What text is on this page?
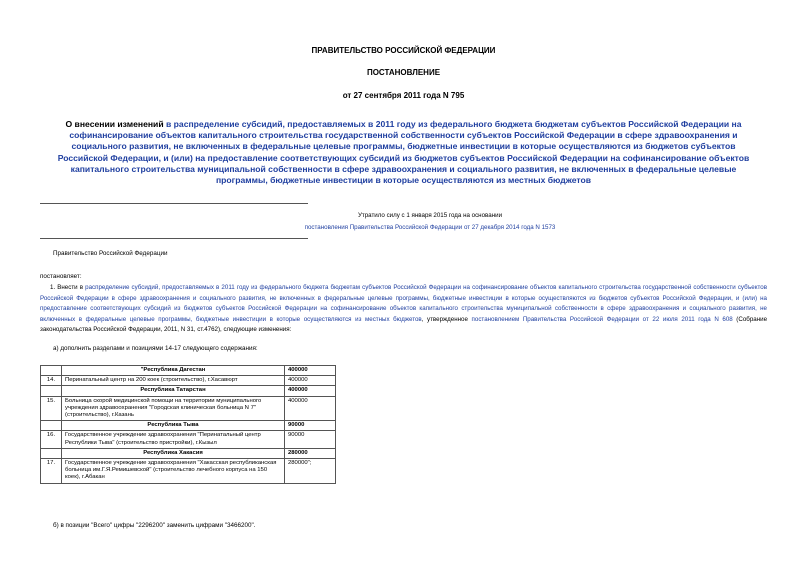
ПРАВИТЕЛЬСТВО РОССИЙСКОЙ ФЕДЕРАЦИИ
ПОСТАНОВЛЕНИЕ
от 27 сентября 2011 года N 795
О внесении изменений в распределение субсидий, предоставляемых в 2011 году из федерального бюджета бюджетам субъектов Российской Федерации на софинансирование объектов капитального строительства государственной собственности субъектов Российской Федерации в сфере здравоохранения и социального развития, не включенных в федеральные целевые программы, бюджетные инвестиции в которые осуществляются из бюджетов субъектов Российской Федерации, и (или) на предоставление соответствующих субсидий из бюджетов субъектов Российской Федерации на софинансирование объектов капитального строительства муниципальной собственности в сфере здравоохранения и социального развития, не включенных в федеральные целевые программы, бюджетные инвестиции в которые осуществляются из местных бюджетов
Утратило силу с 1 января 2015 года на основании
постановления Правительства Российской Федерации от 27 декабря 2014 года N 1573
Правительство Российской Федерации
постановляет:
1. Внести в распределение субсидий, предоставляемых в 2011 году из федерального бюджета бюджетам субъектов Российской Федерации на софинансирование объектов капитального строительства государственной собственности субъектов Российской Федерации в сфере здравоохранения и социального развития, не включенных в федеральные целевые программы, бюджетные инвестиции в которые осуществляются из бюджетов субъектов Российской Федерации, и (или) на предоставление соответствующих субсидий из бюджетов субъектов Российской Федерации на софинансирование объектов капитального строительства муниципальной собственности в сфере здравоохранения и социального развития, не включенных в федеральные целевые программы, бюджетные инвестиции в которые осуществляются из местных бюджетов, утвержденное постановлением Правительства Российской Федерации от 22 июля 2011 года N 608 (Собрание законодательства Российской Федерации, 2011, N 31, ст.4762), следующие изменения:
а) дополнить разделами и позициями 14-17 следующего содержания:
	"Республика Дагестан	400000
14.	Перинатальный центр на 200 коек (строительство), г.Хасавюрт	400000
	Республика Татарстан	400000
15.	Больница скорой медицинской помощи на территории муниципального учреждения здравоохранения "Городская клиническая больница N 7" (строительство), г.Казань	400000
	Республика Тыва	90000
16.	Государственное учреждение здравоохранения "Перинатальный центр Республики Тыва" (строительство пристройки), г.Кызыл	90000
	Республика Хакасия	280000
17.	Государственное учреждение здравоохранения "Хакасская республиканская больница им.Г.Я.Ремишевской" (строительство лечебного корпуса на 150 коек), г.Абакан	280000";
б) в позиции "Всего" цифры "2296200" заменить цифрами "3466200".
